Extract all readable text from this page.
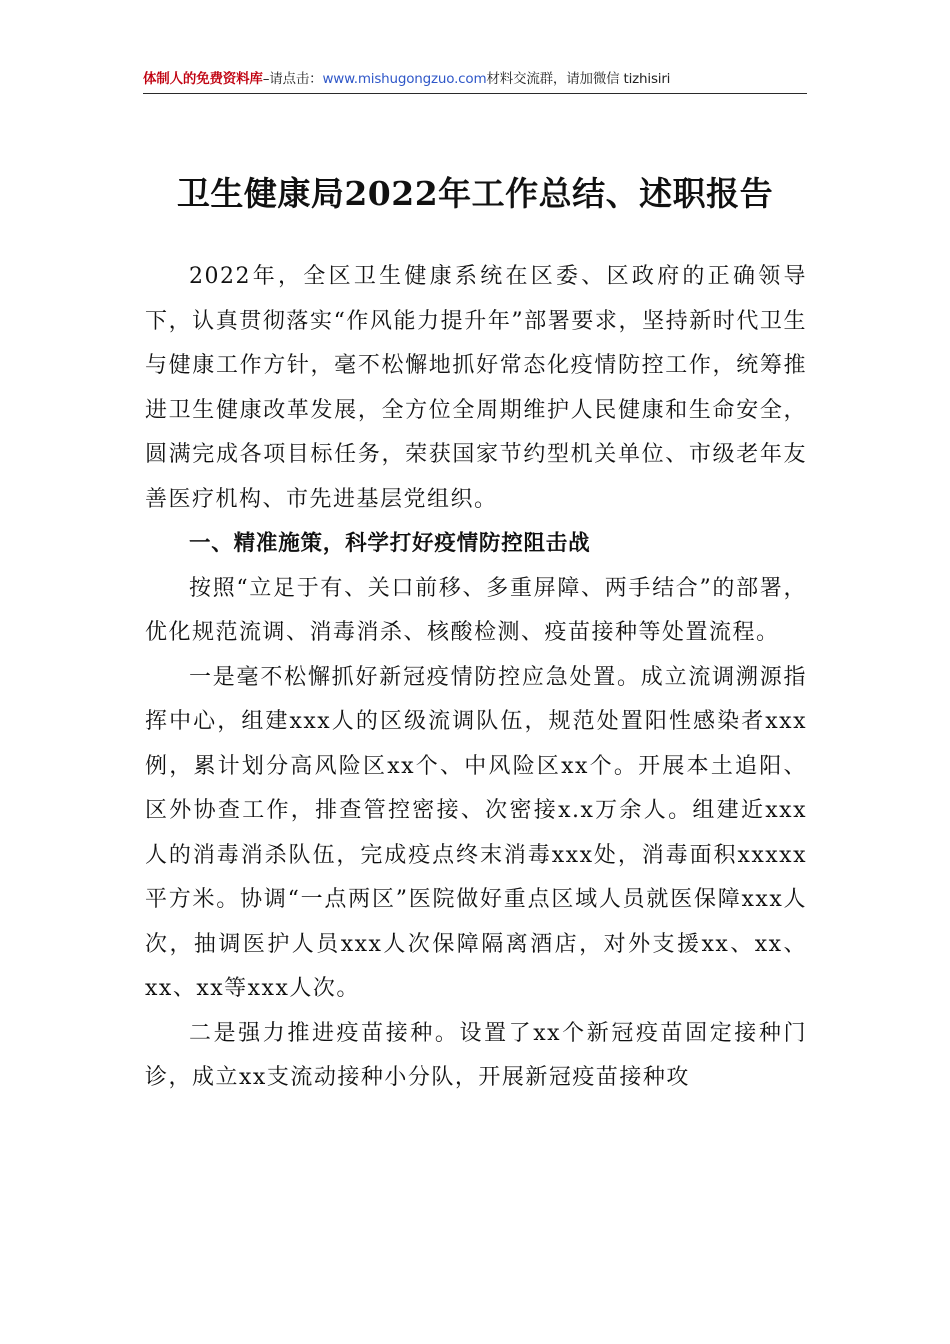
体制人的免费资料库–请点击：www.mishugongzuo.com材料交流群，请加微信 tizhisiri
卫生健康局2022年工作总结、述职报告

2022年，全区卫生健康系统在区委、区政府的正确领导下，认真贯彻落实“作风能力提升年”部署要求，坚持新时代卫生与健康工作方针，毫不松懈地抓好常态化疫情防控工作，统筹推进卫生健康改革发展，全方位全周期维护人民健康和生命安全，圆满完成各项目标任务，荣获国家节约型机关单位、市级老年友善医疗机构、市先进基层党组织。

一、精准施策，科学打好疫情防控阻击战

按照“立足于有、关口前移、多重屏障、两手结合”的部署，优化规范流调、消毒消杀、核酸检测、疫苗接种等处置流程。

一是毫不松懈抓好新冠疫情防控应急处置。成立流调溯源指挥中心，组建xxx人的区级流调队伍，规范处置阳性感染者xxx例，累计划分高风险区xx个、中风险区xx个。开展本土追阳、区外协查工作，排查管控密接、次密接x.x万余人。组建近xxx人的消毒消杀队伍，完成疫点终末消毒xxx处，消毒面积xxxxx平方米。协调“一点两区”医院做好重点区域人员就医保障xxx人次，抽调医护人员xxx人次保障隔离酒店，对外支援xx、xx、xx、xx等xxx人次。

二是强力推进疫苗接种。设置了xx个新冠疫苗固定接种门诊，成立xx支流动接种小分队，开展新冠疫苗接种攻
